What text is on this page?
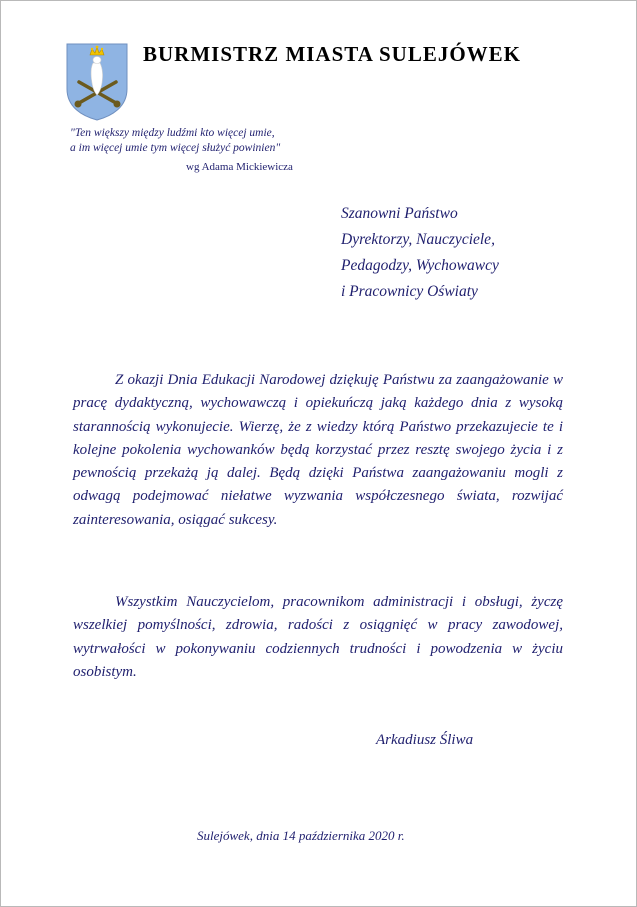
BURMISTRZ MIASTA SULEJÓWEK
"Ten większy między ludźmi kto więcej umie,
a im więcej umie tym więcej służyć powinien"
wg Adama Mickiewicza
Szanowni Państwo
Dyrektorzy, Nauczyciele,
Pedagodzy, Wychowawcy
i Pracownicy Oświaty

Z okazji Dnia Edukacji Narodowej dziękuję Państwu za zaangażowanie w pracę dydaktyczną, wychowawczą i opiekuńczą jaką każdego dnia z wysoką starannością wykonujecie. Wierzę, że z wiedzy którą Państwo przekazujecie te i kolejne pokolenia wychowanków będą korzystać przez resztę swojego życia i z pewnością przekażą ją dalej. Będą dzięki Państwa zaangażowaniu mogli z odwagą podejmować niełatwe wyzwania współczesnego świata, rozwijać zainteresowania, osiągać sukcesy.

Wszystkim Nauczycielom, pracownikom administracji i obsługi, życzę wszelkiej pomyślności, zdrowia, radości z osiągnięć w pracy zawodowej, wytrwałości w pokonywaniu codziennych trudności i powodzenia w życiu osobistym.

Arkadiusz Śliwa
Sulejówek, dnia 14 października 2020 r.
